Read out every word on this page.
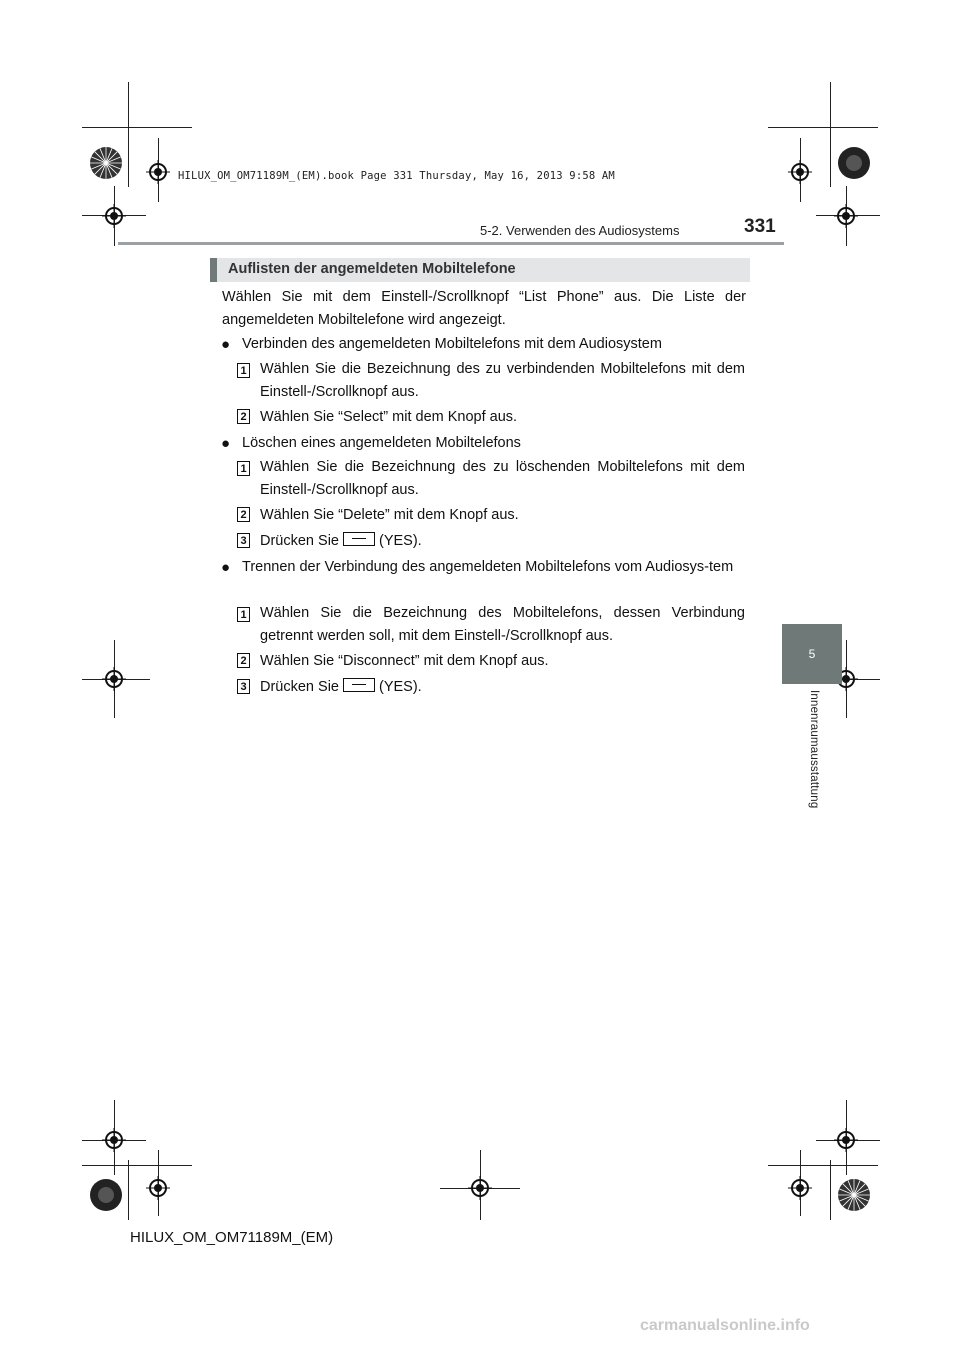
HILUX_OM_OM71189M_(EM).book Page 331 Thursday, May 16, 2013 9:58 AM
5-2. Verwenden des Audiosystems	331
5
Innenraumausstattung
Auflisten der angemeldeten Mobiltelefone
Wählen Sie mit dem Einstell-/Scrollknopf “List Phone” aus. Die Liste der angemeldeten Mobiltelefone wird angezeigt.
● Verbinden des angemeldeten Mobiltelefons mit dem Audiosystem
1 Wählen Sie die Bezeichnung des zu verbindenden Mobiltelefons mit dem Einstell-/Scrollknopf aus.
2 Wählen Sie “Select” mit dem Knopf aus.
● Löschen eines angemeldeten Mobiltelefons
1 Wählen Sie die Bezeichnung des zu löschenden Mobiltelefons mit dem Einstell-/Scrollknopf aus.
2 Wählen Sie “Delete” mit dem Knopf aus.
3 Drücken Sie	(YES).
● Trennen der Verbindung des angemeldeten Mobiltelefons vom Audiosys-tem
1 Wählen Sie die Bezeichnung des Mobiltelefons, dessen Verbindung getrennt werden soll, mit dem Einstell-/Scrollknopf aus.
2 Wählen Sie “Disconnect” mit dem Knopf aus.
3 Drücken Sie	(YES).
HILUX_OM_OM71189M_(EM)
carmanualsonline.info
